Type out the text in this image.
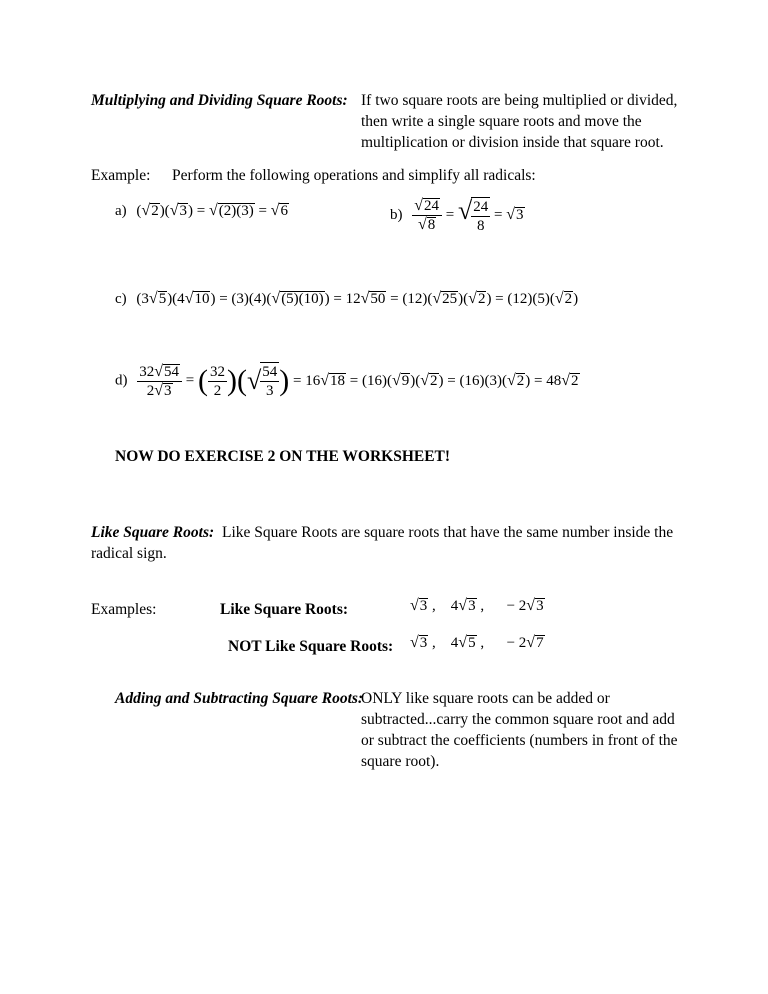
Multiplying and Dividing Square Roots: If two square roots are being multiplied or divided, then write a single square roots and move the multiplication or division inside that square root.
Example: Perform the following operations and simplify all radicals:
a) (√2)(√3) = √(2)(3) = √6	$b) \frac{√24}{√8}$ = √ $\frac{24}{8} = √3$
c) (3√5)(4√10) = (3)(4)(√(5)(10)) = 12√50 = (12)(√25)(√2) = (12)(5)(√2)
$d) \frac{32√54}{2√3}$ = ( $\frac{32}{2}$ )(√ $\frac{54}{3}$ ) = 16√18 = (16)(√9)(√2) = (16)(3)(√2) = 48√2
NOW DO EXERCISE 2 ON THE WORKSHEET!
Like Square Roots: Like Square Roots are square roots that have the same number inside the radical sign.
Examples:	Like Square Roots:	√3 ,    4√3 ,      − 2√3
NOT Like Square Roots: √3 ,    4√5 ,      − 2√7
Adding and Subtracting Square Roots:
ONLY like square roots can be added or subtracted...carry the common square root and add or subtract the coefficients (numbers in front of the square root).
